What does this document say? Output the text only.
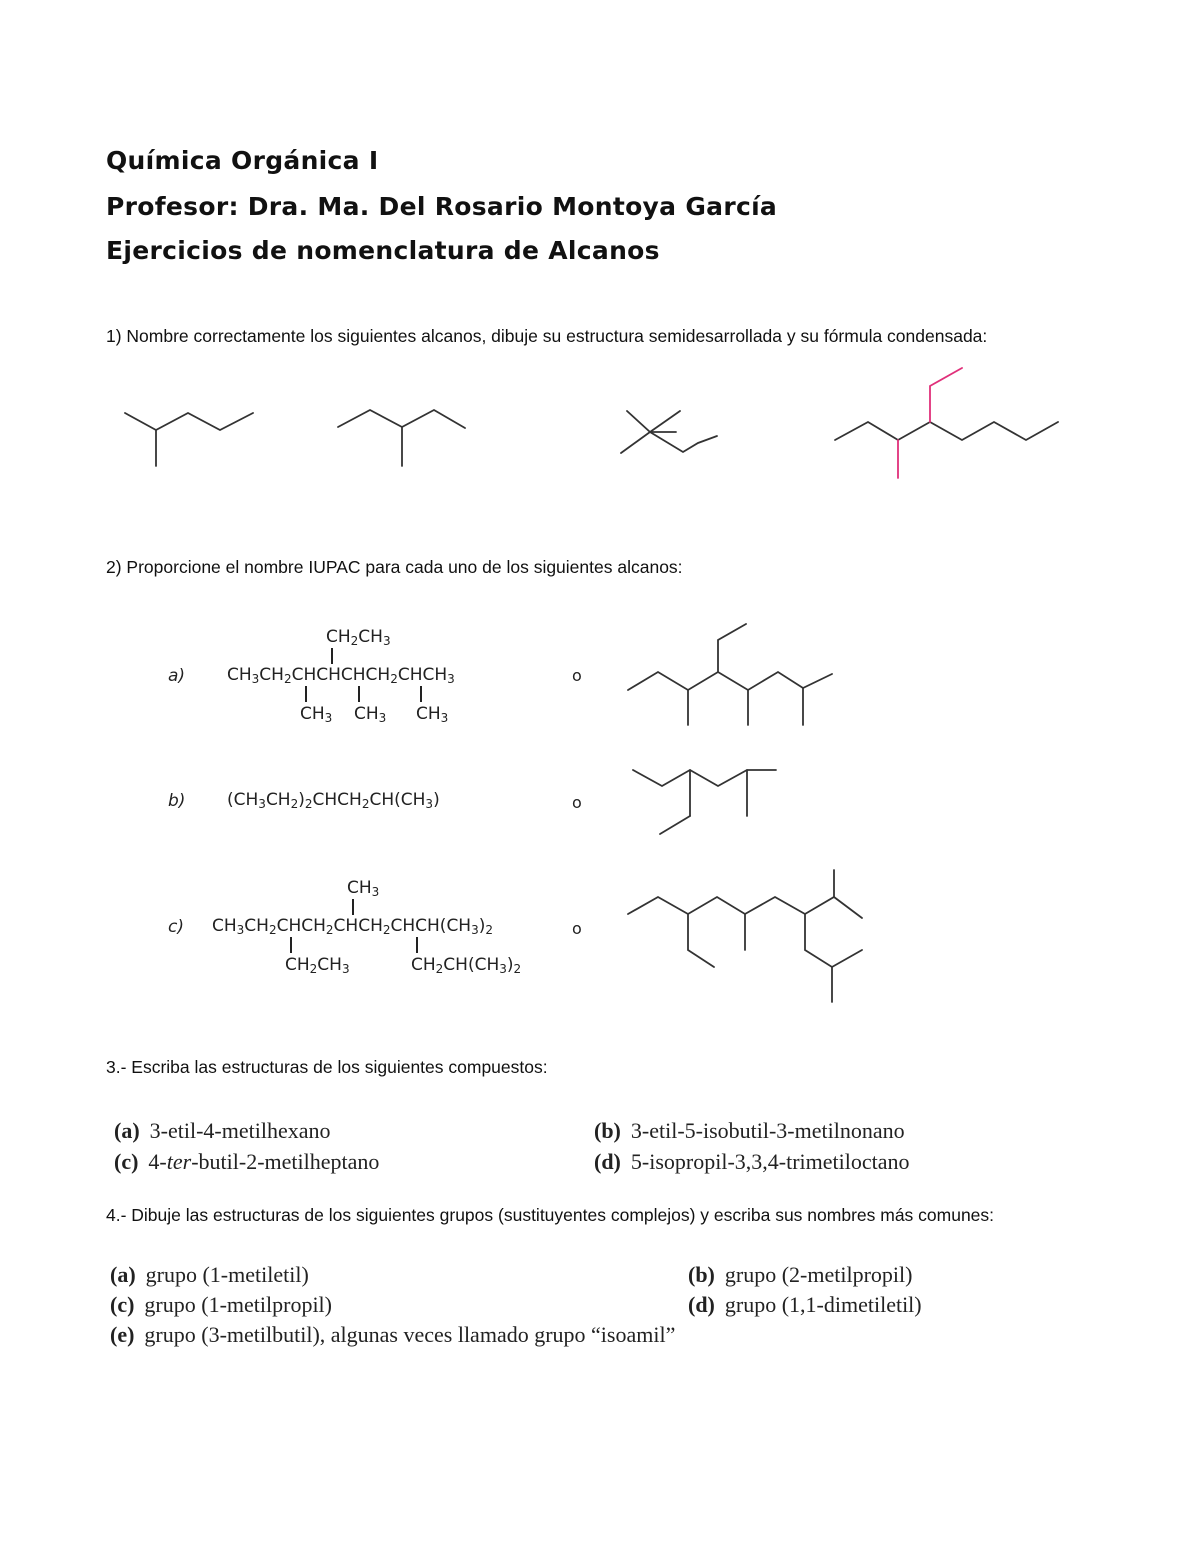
Química Orgánica I
Profesor: Dra. Ma. Del Rosario Montoya García
Ejercicios de nomenclatura de Alcanos
1) Nombre correctamente los siguientes alcanos, dibuje su estructura semidesarrollada y su fórmula condensada:
2) Proporcione el nombre IUPAC para cada uno de los siguientes alcanos:
a)
$CH_2CH_3$
$CH_3CH_2CHCHCHCH_2CHCH_3$
$CH_3$ $CH_3$ $CH_3$
o
b) $(CH_3CH_2)_2CHCH_2CH(CH_3)$	o
c)
$CH_3$
$CH_3CH_2CHCH_2CHCH_2CHCH(CH_3)_2$
$CH_2CH_3$	$CH_2CH(CH_3)_2$
o
3.- Escriba las estructuras de los siguientes compuestos:
(a) 3-etil-4-metilhexano	(b) 3-etil-5-isobutil-3-metilnonano
(c) 4-ter-butil-2-metilheptano	(d) 5-isopropil-3,3,4-trimetiloctano
4.- Dibuje las estructuras de los siguientes grupos (sustituyentes complejos) y escriba sus nombres más comunes:
(a) grupo (1-metiletil)	(b) grupo (2-metilpropil)
(c) grupo (1-metilpropil)	(d) grupo (1,1-dimetiletil)
(e) grupo (3-metilbutil), algunas veces llamado grupo “isoamil”
